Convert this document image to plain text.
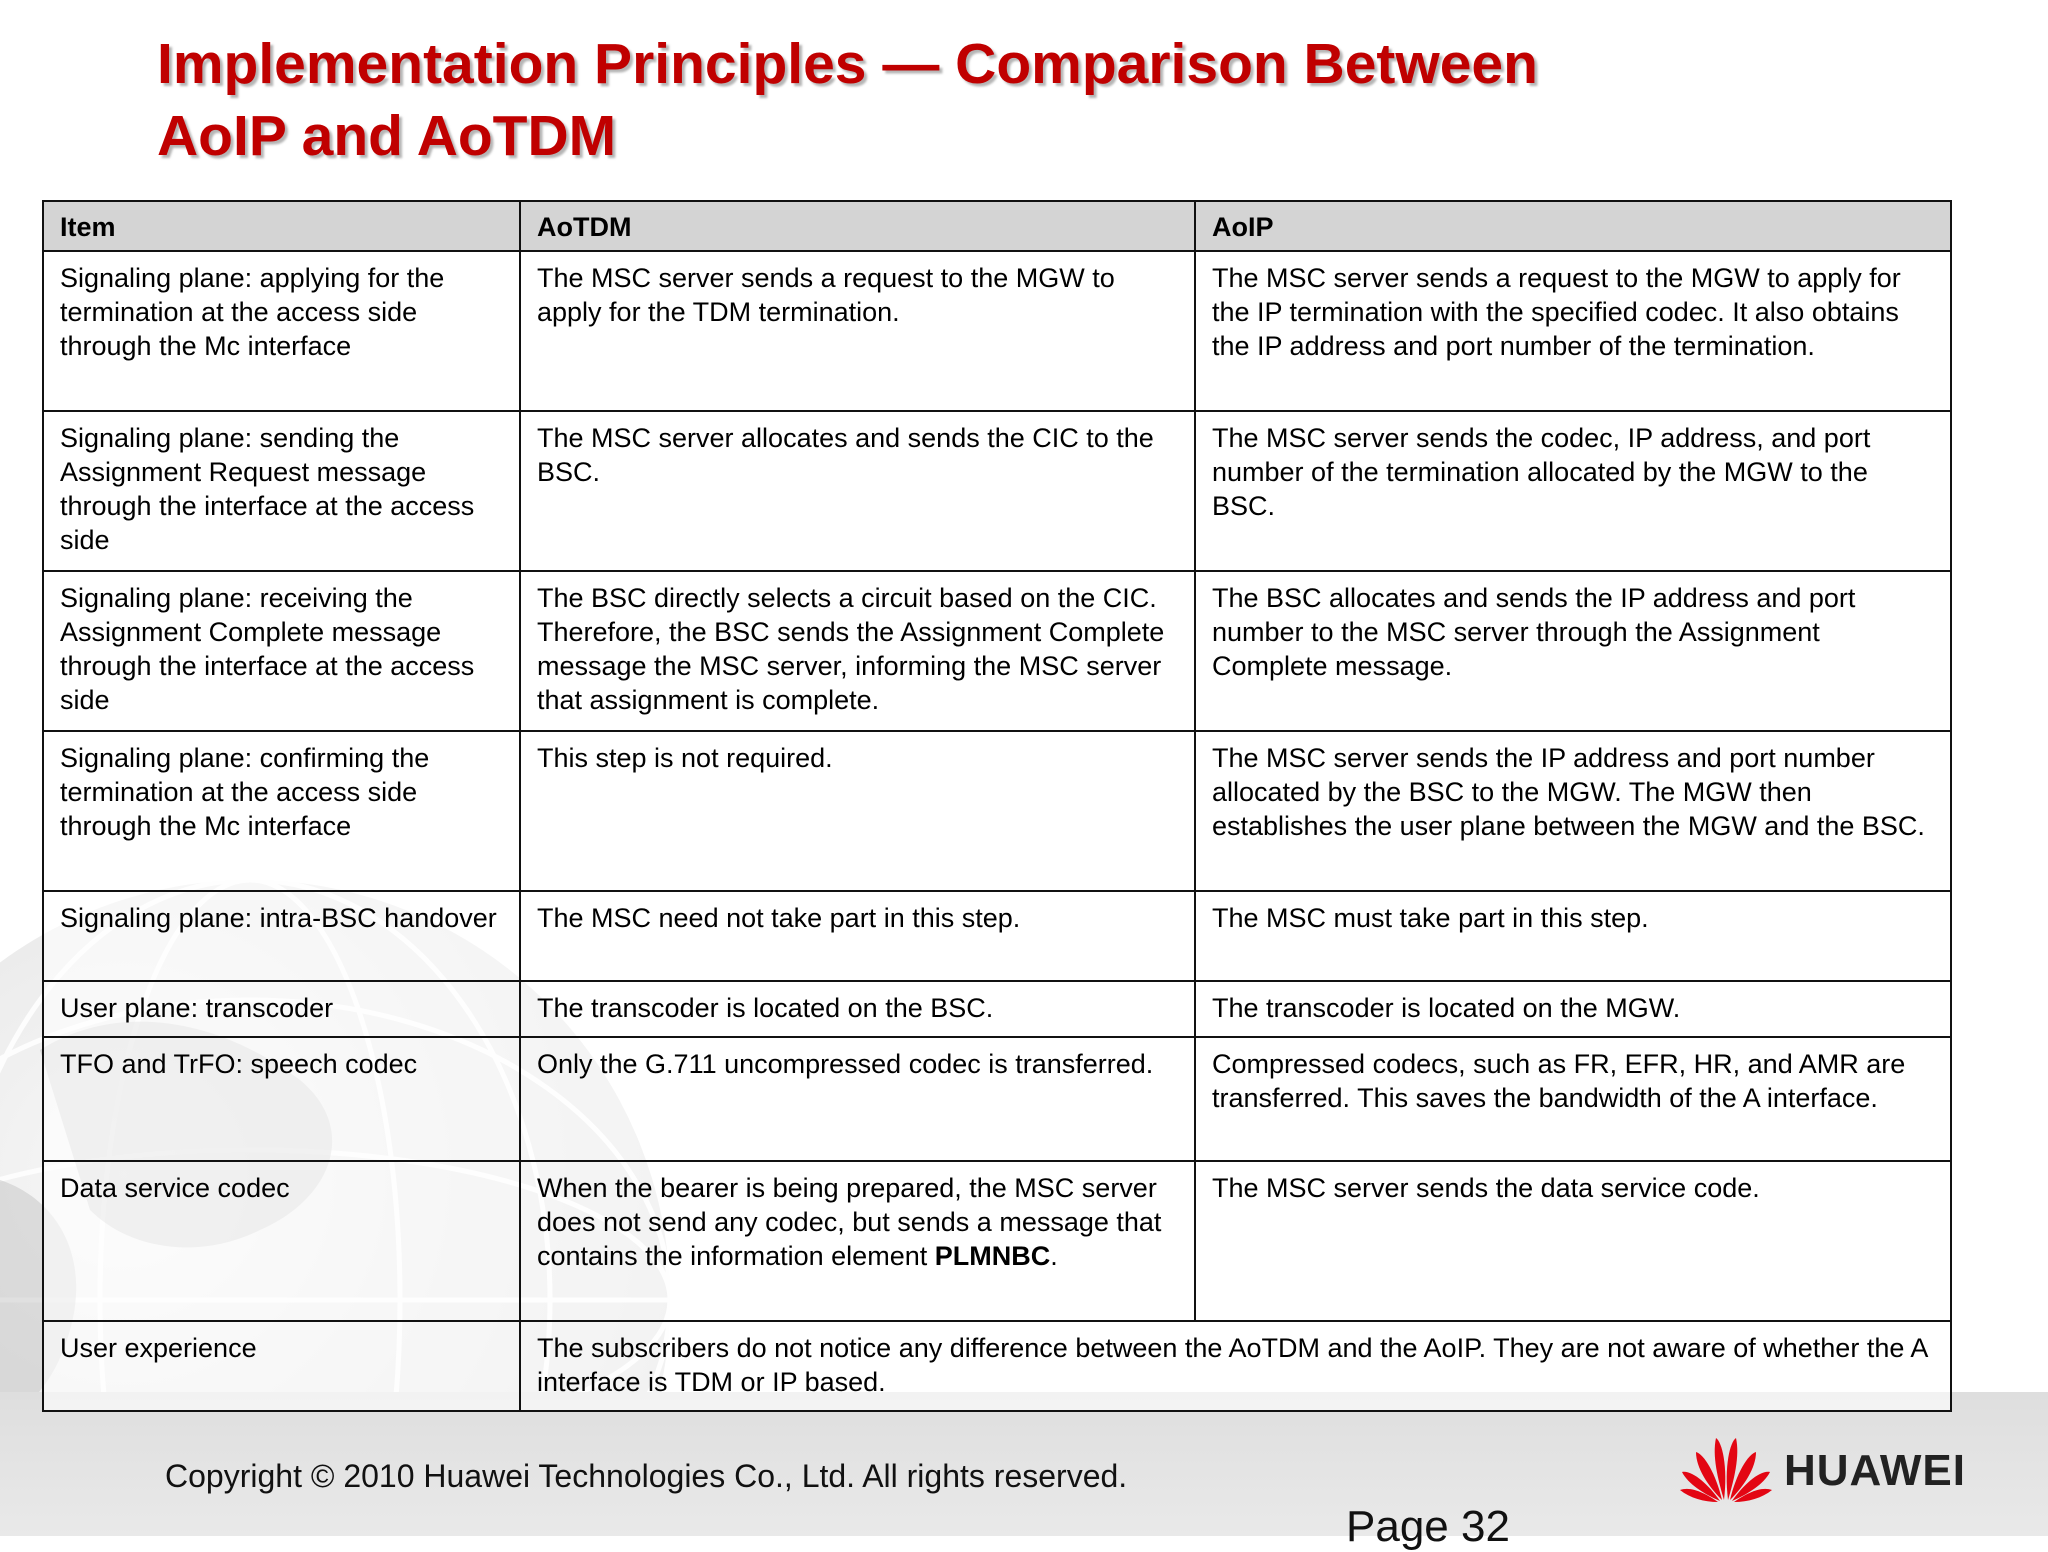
Implementation Principles — Comparison Between
AoIP and AoTDM
Item	AoTDM	AoIP
Signaling plane: applying for the termination at the access side through the Mc interface	The MSC server sends a request to the MGW to apply for the TDM termination.	The MSC server sends a request to the MGW to apply for the IP termination with the specified codec. It also obtains the IP address and port number of the termination.
Signaling plane: sending the Assignment Request message through the interface at the access side	The MSC server allocates and sends the CIC to the BSC.	The MSC server sends the codec, IP address, and port number of the termination allocated by the MGW to the BSC.
Signaling plane: receiving the Assignment Complete message through the interface at the access side	The BSC directly selects a circuit based on the CIC. Therefore, the BSC sends the Assignment Complete message the MSC server, informing the MSC server that assignment is complete.	The BSC allocates and sends the IP address and port number to the MSC server through the Assignment Complete message.
Signaling plane: confirming the termination at the access side through the Mc interface	This step is not required.	The MSC server sends the IP address and port number allocated by the BSC to the MGW. The MGW then establishes the user plane between the MGW and the BSC.
Signaling plane: intra-BSC handover	The MSC need not take part in this step.	The MSC must take part in this step.
User plane: transcoder	The transcoder is located on the BSC.	The transcoder is located on the MGW.
TFO and TrFO: speech codec	Only the G.711 uncompressed codec is transferred.	Compressed codecs, such as FR, EFR, HR, and AMR are transferred. This saves the bandwidth of the A interface.
Data service codec	When the bearer is being prepared, the MSC server does not send any codec, but sends a message that contains the information element PLMNBC.	The MSC server sends the data service code.
User experience	The subscribers do not notice any difference between the AoTDM and the AoIP. They are not aware of whether the A interface is TDM or IP based.	
Copyright © 2010 Huawei Technologies Co., Ltd. All rights reserved.
Page 32
HUAWEI
